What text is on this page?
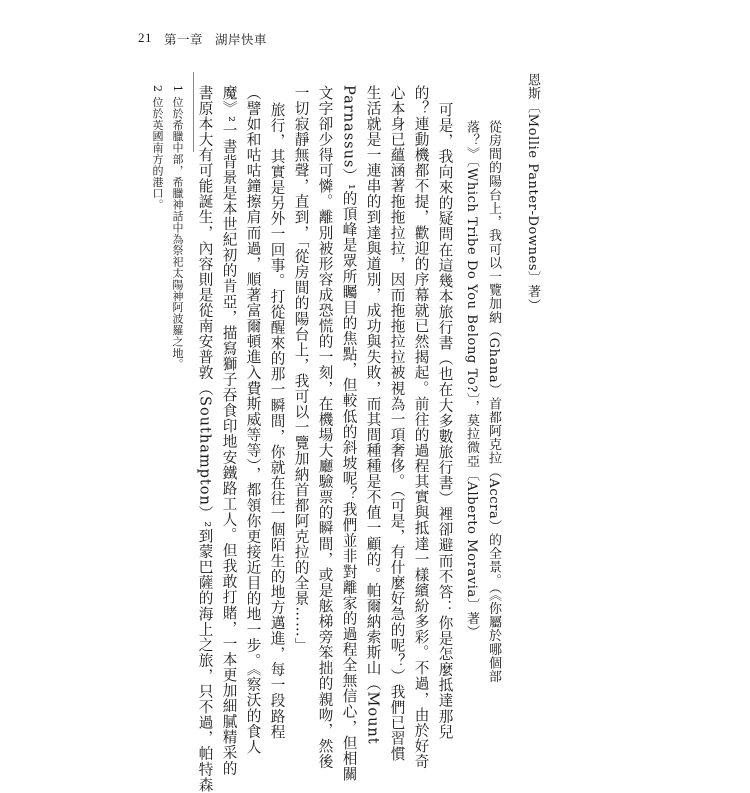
21 第一章 湖岸快車
恩斯〔Mollie Panter-Downes〕著）
從房間的陽台上，我可以一覽加納（Ghana）首都阿克拉（Accra）的全景。（《你屬於哪個部
落？》〔Which Tribe Do You Belong To?〕，莫拉微亞〔Alberto Moravia〕著）
可是，我向來的疑問在這幾本旅行書（也在大多數旅行書）裡卻避而不答：你是怎麼抵達那兒
的？連動機都不提，歡迎的序幕就已然揭起。前往的過程其實與抵達一樣繽紛多彩。不過，由於好奇
心本身已蘊涵著拖拖拉拉，因而拖拖拉拉被視為一項奢侈。（可是，有什麼好急的呢？）我們已習慣
生活就是一連串的到達與道別，成功與失敗，而其間種種是不值一顧的。帕爾納索斯山（Mount
Parnassus）¹的頂峰是眾所矚目的焦點，但較低的斜坡呢？我們並非對離家的過程全無信心，但相關
文字卻少得可憐。離別被形容成恐慌的一刻，在機場大廳驗票的瞬間，或是舷梯旁笨拙的親吻，然後
一切寂靜無聲，直到，「從房間的陽台上，我可以一覽加納首都阿克拉的全景……」
旅行，其實是另外一回事。打從醒來的那一瞬間，你就在往一個陌生的地方邁進，每一段路程
（譬如和咕咕鐘擦肩而過，順著富爾頓進入費斯威等等），都領你更接近目的地一步。《察沃的食人
魔》²一書背景是本世紀初的肯亞，描寫獅子吞食印地安鐵路工人。但我敢打賭，一本更加細膩精采的
書原本大有可能誕生，內容則是從南安普敦（Southampton）²到蒙巴薩的海上之旅，只不過，帕特森
1 位於希臘中部，希臘神話中為祭祀太陽神阿波羅之地。
2 位於英國南方的港口。
